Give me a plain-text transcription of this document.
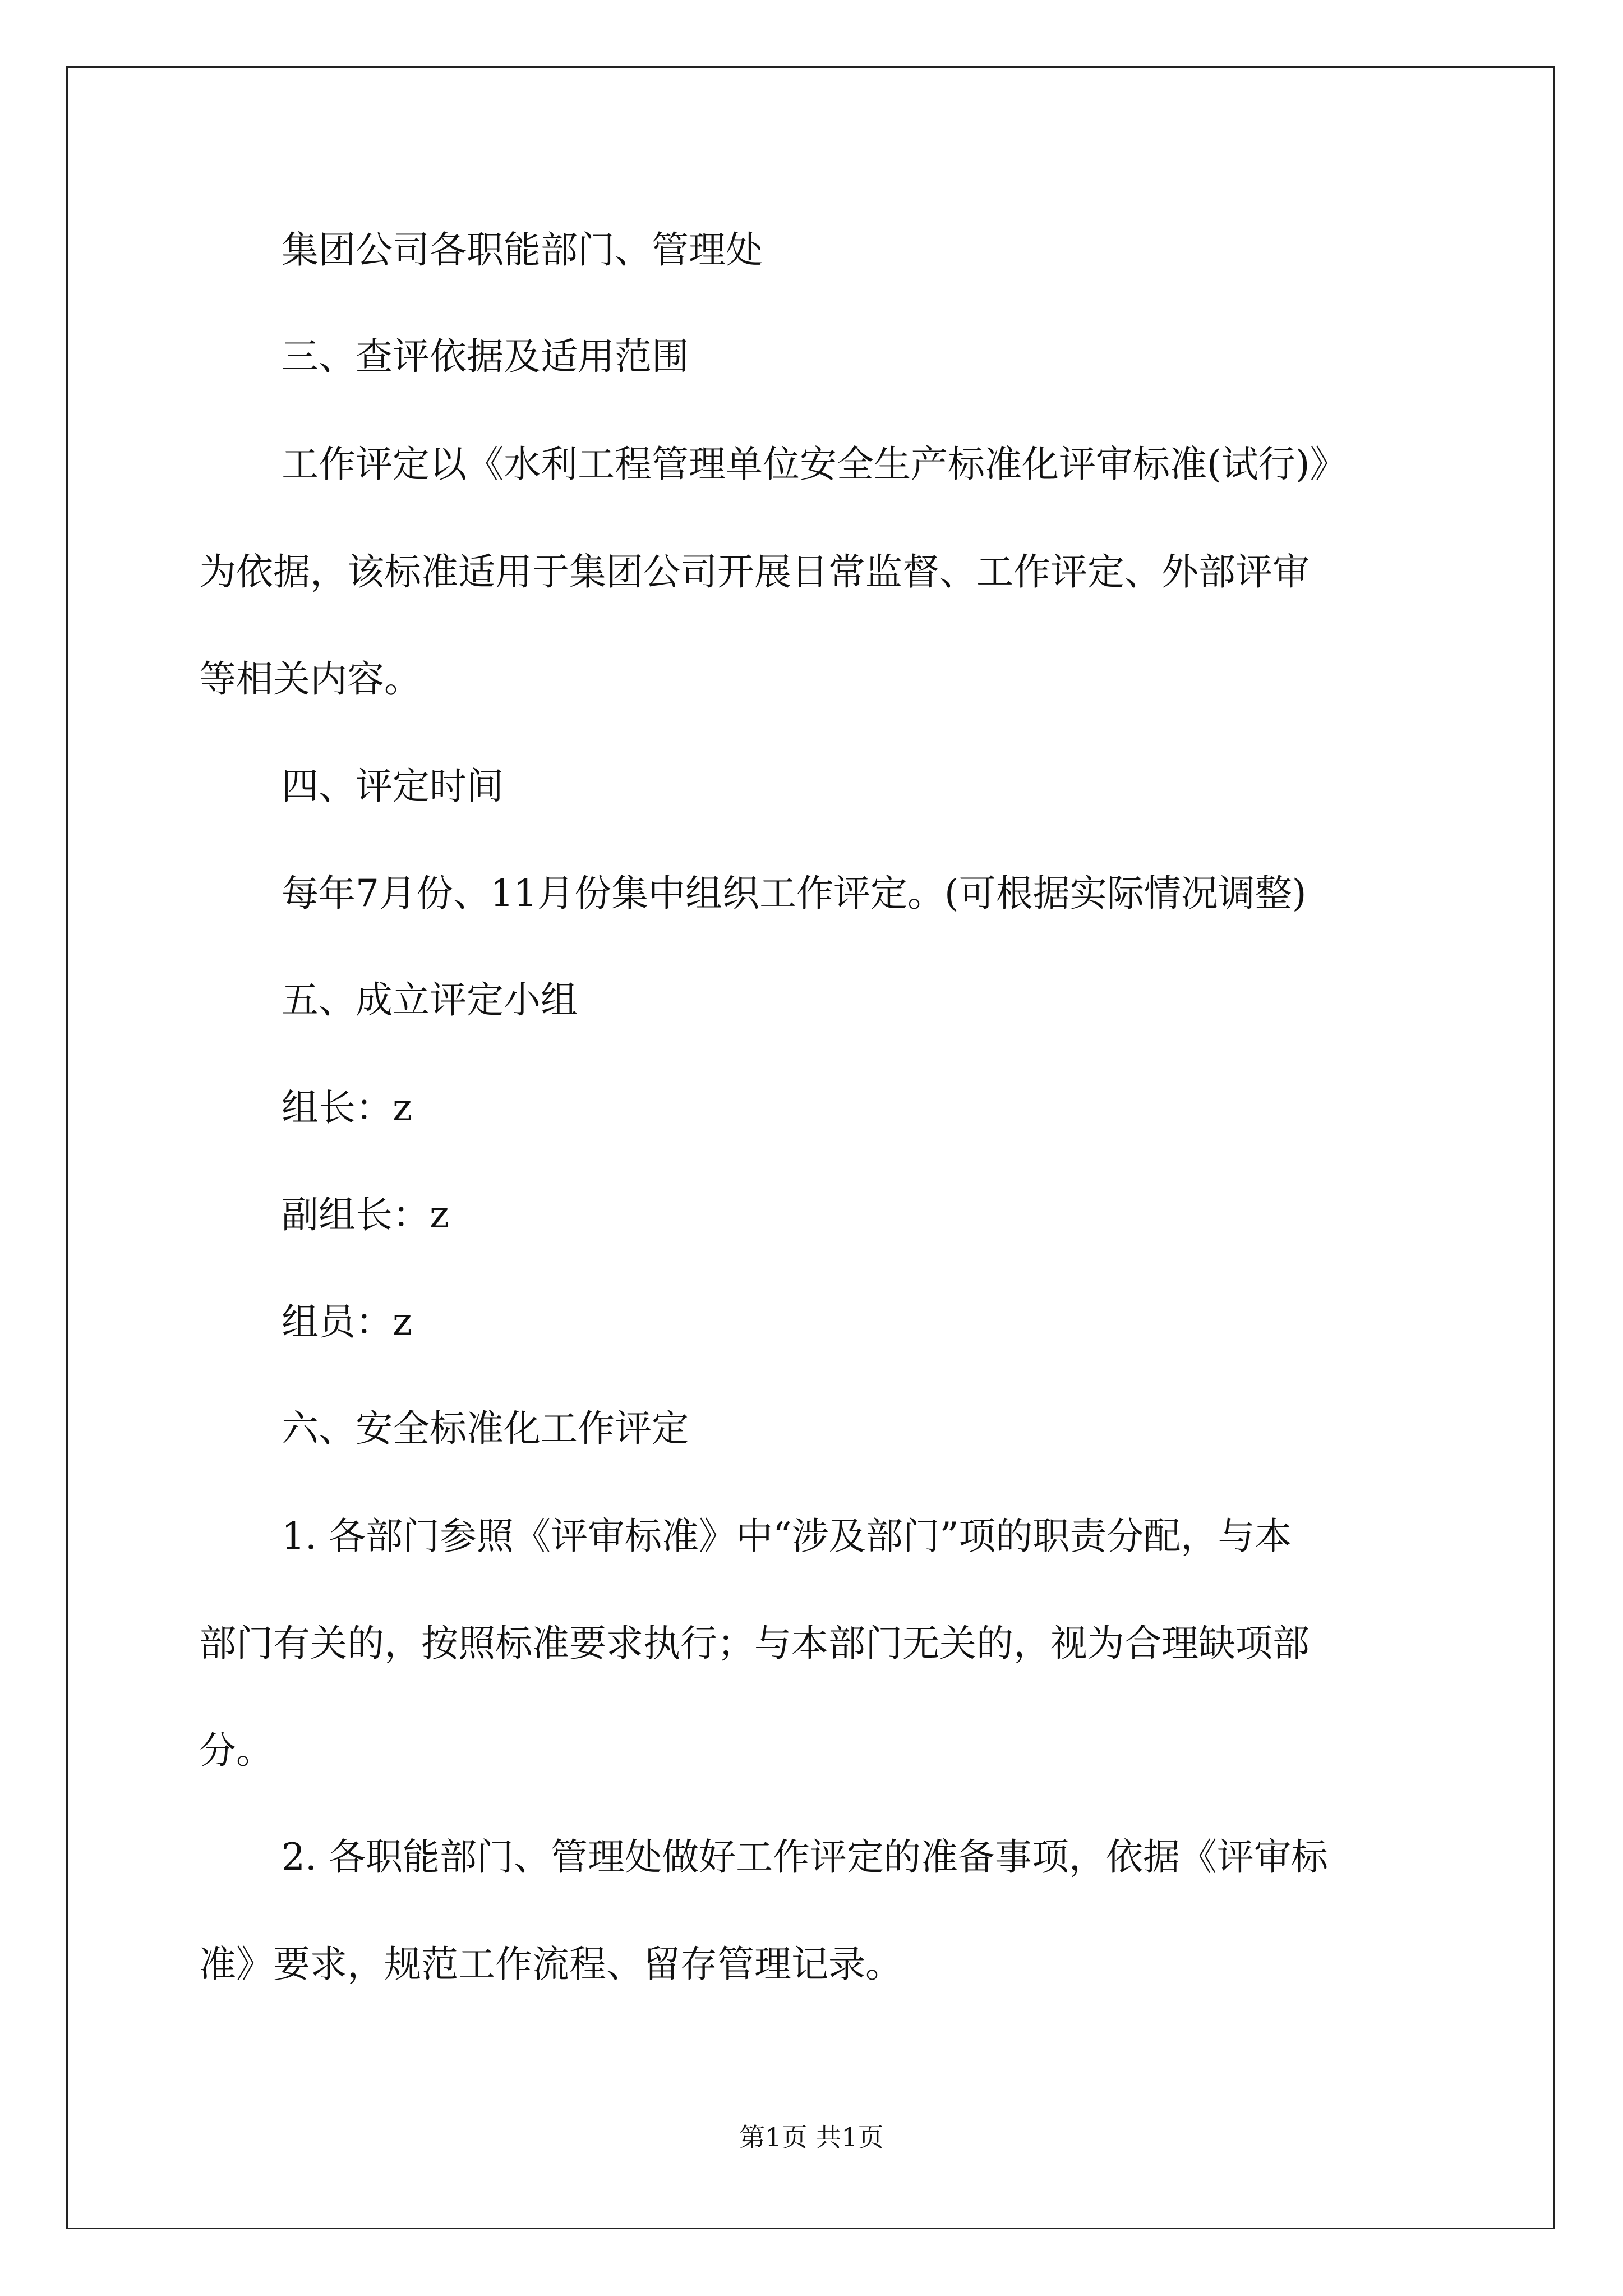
集团公司各职能部门、管理处
三、查评依据及适用范围
工作评定以《水利工程管理单位安全生产标准化评审标准(试行)》
为依据，该标准适用于集团公司开展日常监督、工作评定、外部评审
等相关内容。
四、评定时间
每年7月份、11月份集中组织工作评定。(可根据实际情况调整)
五、成立评定小组
组长：z
副组长：z
组员：z
六、安全标准化工作评定
1. 各部门参照《评审标准》中“涉及部门”项的职责分配，与本
部门有关的，按照标准要求执行；与本部门无关的，视为合理缺项部
分。
2. 各职能部门、管理处做好工作评定的准备事项，依据《评审标
准》要求，规范工作流程、留存管理记录。
第1页 共1页
